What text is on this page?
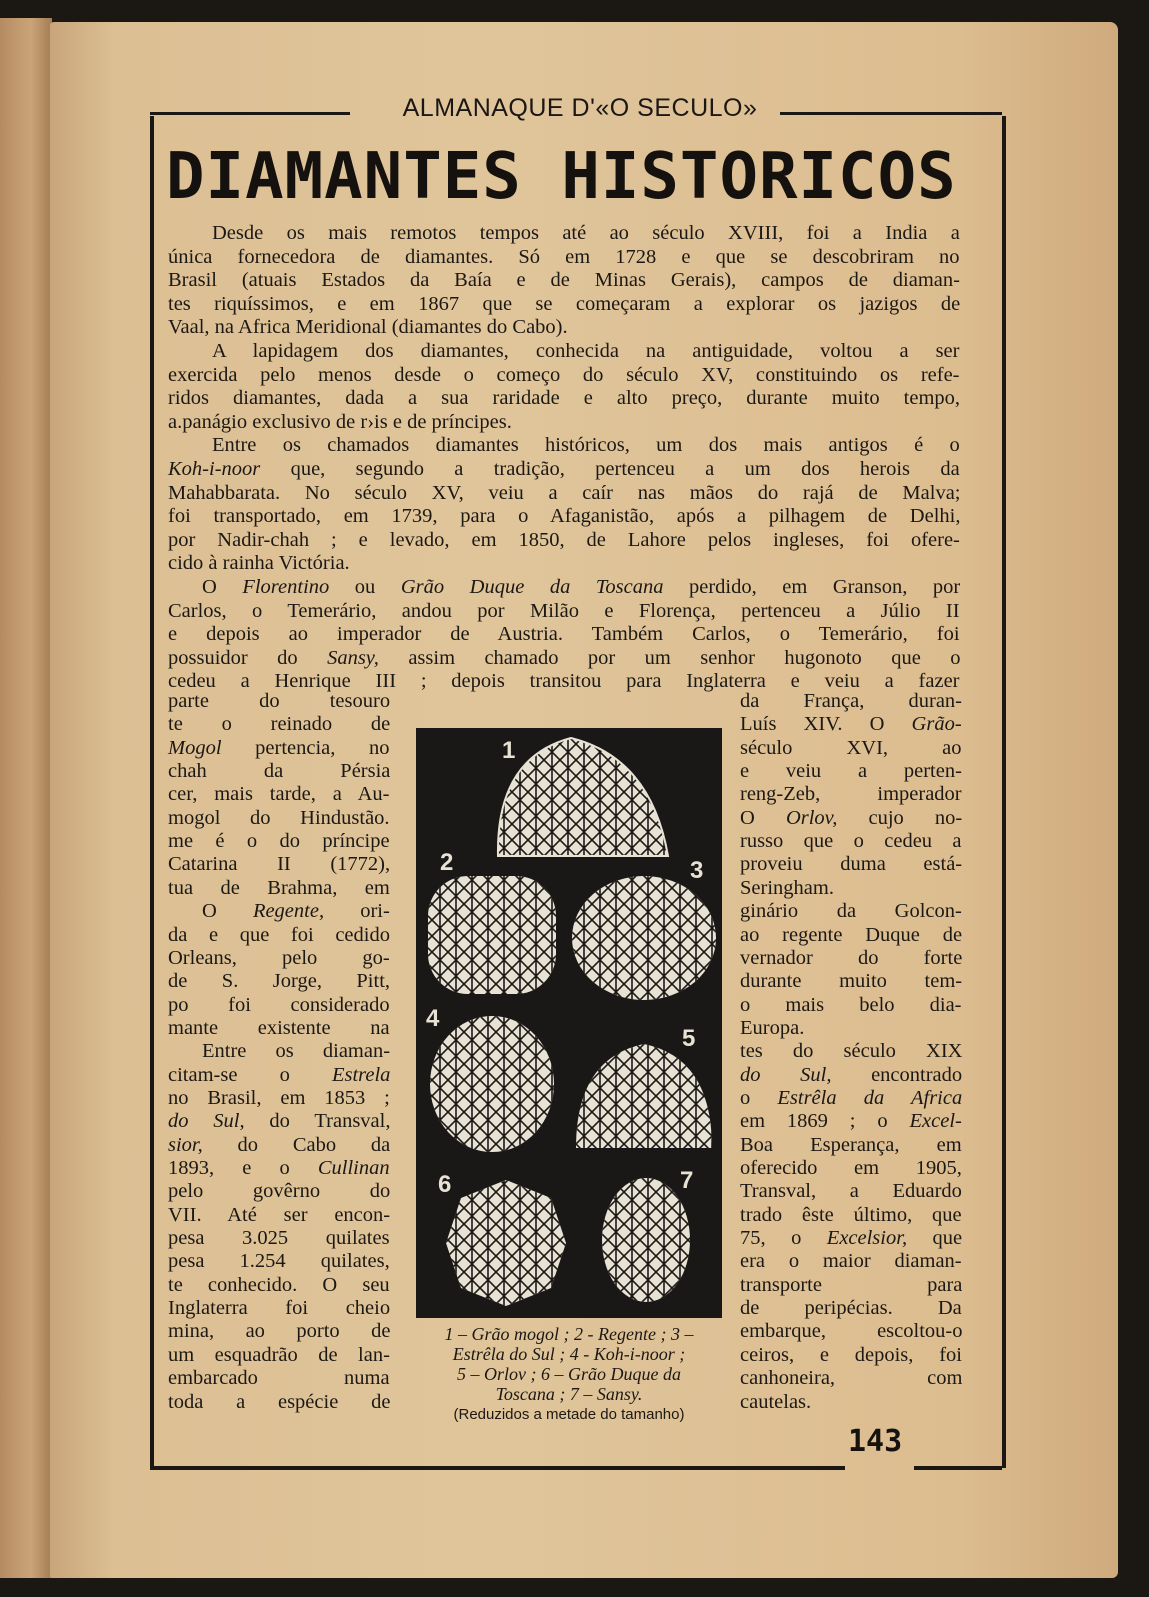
ALMANAQUE D'«O SECULO»
DIAMANTES HISTORICOS
Desde os mais remotos tempos até ao século XVIII, foi a India a
única fornecedora de diamantes. Só em 1728 e que se descobriram no
Brasil (atuais Estados da Baía e de Minas Gerais), campos de diaman-
tes riquíssimos, e em 1867 que se começaram a explorar os jazigos de
Vaal, na Africa Meridional (diamantes do Cabo).
A lapidagem dos diamantes, conhecida na antiguidade, voltou a ser
exercida pelo menos desde o começo do século XV, constituindo os refe-
ridos diamantes, dada a sua raridade e alto preço, durante muito tempo,
a.panágio exclusivo de r›is e de príncipes.
Entre os chamados diamantes históricos, um dos mais antigos é o
Koh-i-noor que, segundo a tradição, pertenceu a um dos herois da
Mahabbarata. No século XV, veiu a caír nas mãos do rajá de Malva;
foi transportado, em 1739, para o Afaganistão, após a pilhagem de Delhi,
por Nadir-chah ; e levado, em 1850, de Lahore pelos ingleses, foi ofere-
cido à rainha Victória.
O Florentino ou Grão Duque da Toscana perdido, em Granson, por
Carlos, o Temerário, andou por Milão e Florença, pertenceu a Júlio II
e depois ao imperador de Austria. Também Carlos, o Temerário, foi
possuidor do Sansy, assim chamado por um senhor hugonoto que o
cedeu a Henrique III ; depois transitou para Inglaterra e veiu a fazer
parte do tesouro
te o reinado de
Mogol pertencia, no
chah da Pérsia
cer, mais tarde, a Au-
mogol do Hindustão.
me é o do príncipe
Catarina II (1772),
tua de Brahma, em
O Regente, ori-
da e que foi cedido
Orleans, pelo go-
de S. Jorge, Pitt,
po foi considerado
mante existente na
Entre os diaman-
citam-se o Estrela
no Brasil, em 1853 ;
do Sul, do Transval,
sior, do Cabo da
1893, e o Cullinan
pelo govêrno do
VII. Até ser encon-
pesa 3.025 quilates
pesa 1.254 quilates,
te conhecido. O seu
Inglaterra foi cheio
mina, ao porto de
um esquadrão de lan-
embarcado numa
toda a espécie de
da França, duran-
Luís XIV. O Grão-
século XVI, ao
e veiu a perten-
reng-Zeb, imperador
O Orlov, cujo no-
russo que o cedeu a
proveiu duma está-
Seringham.
ginário da Golcon-
ao regente Duque de
vernador do forte
durante muito tem-
o mais belo dia-
Europa.
tes do século XIX
do Sul, encontrado
o Estrêla da Africa
em 1869 ; o Excel-
Boa Esperança, em
oferecido em 1905,
Transval, a Eduardo
trado êste último, que
75, o Excelsior, que
era o maior diaman-
transporte para
de peripécias. Da
embarque, escoltou-o
ceiros, e depois, foi
canhoneira, com
cautelas.
1
2	3
4
5
6	7
1 – Grão mogol ; 2 - Regente ; 3 –
Estrêla do Sul ; 4 - Koh-i-noor ;
5 – Orlov ; 6 – Grão Duque da
Toscana ; 7 – Sansy.
(Reduzidos a metade do tamanho)
143
